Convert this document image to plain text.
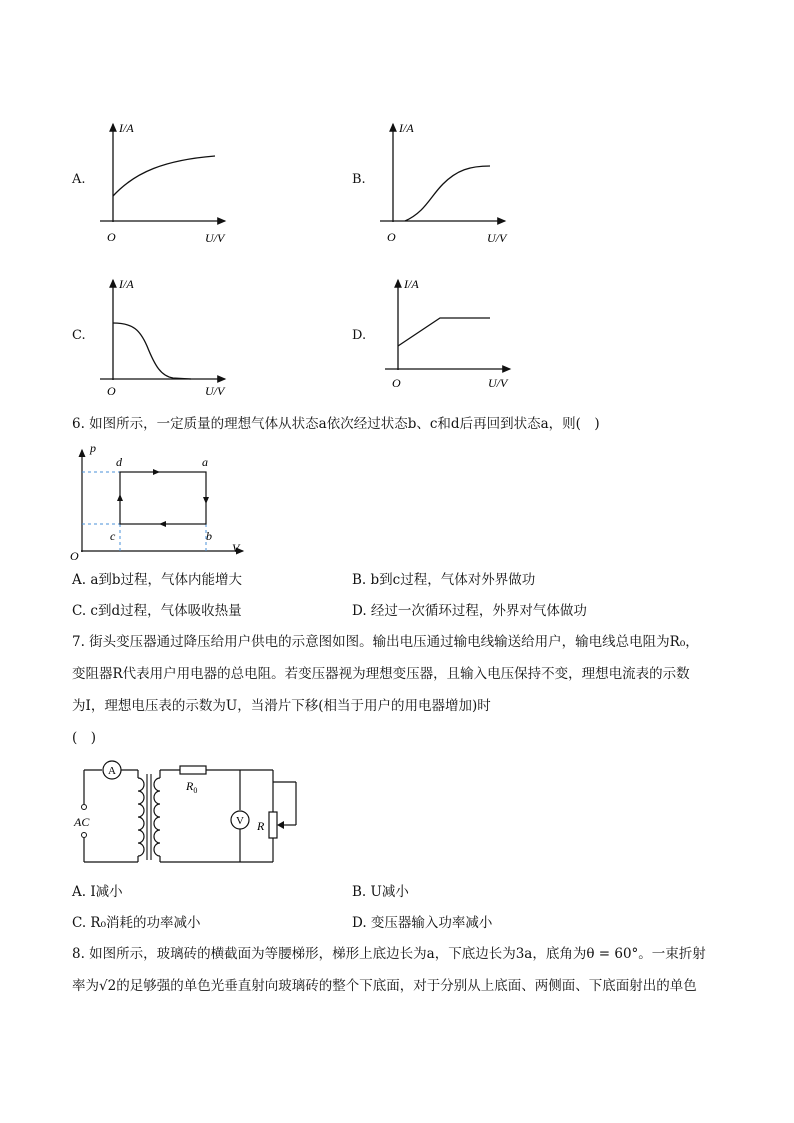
A.
I/A
U/V
O
B.
I/A
U/V
O
C.
I/A
U/V
O
D.
I/A
U/V
O
6. 如图所示，一定质量的理想气体从状态a依次经过状态b、c和d后再回到状态a，则(　)
p
V
O
d	a
b
c
A. a到b过程，气体内能增大	B. b到c过程，气体对外界做功
C. c到d过程，气体吸收热量	D. 经过一次循环过程，外界对气体做功
7. 街头变压器通过降压给用户供电的示意图如图。输出电压通过输电线输送给用户，输电线总电阻为R₀，
变阻器R代表用户用电器的总电阻。若变压器视为理想变压器，且输入电压保持不变，理想电流表的示数
为I，理想电压表的示数为U，当滑片下移(相当于用户的用电器增加)时
(　)
A
AC
$R_0$
V R
A. I减小	B. U减小
C. R₀消耗的功率减小	D. 变压器输入功率减小
8. 如图所示，玻璃砖的横截面为等腰梯形，梯形上底边长为a，下底边长为3a，底角为θ = 60°。一束折射
率为√2的足够强的单色光垂直射向玻璃砖的整个下底面，对于分别从上底面、两侧面、下底面射出的单色
